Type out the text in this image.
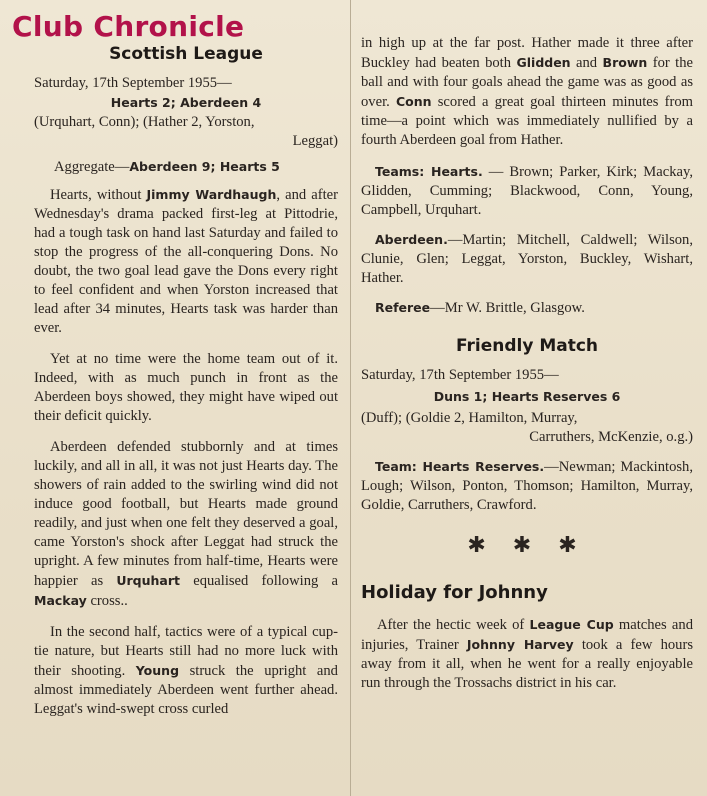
Club Chronicle
Scottish League

Saturday, 17th September 1955—

Hearts 2; Aberdeen 4

(Urquhart, Conn); (Hather 2, Yorston,

Leggat)

Aggregate—Aberdeen 9; Hearts 5

Hearts, without Jimmy Wardhaugh, and after Wednesday's drama packed first-leg at Pittodrie, had a tough task on hand last Saturday and failed to stop the progress of the all-conquering Dons. No doubt, the two goal lead gave the Dons every right to feel confident and when Yorston increased that lead after 34 minutes, Hearts task was harder than ever.

Yet at no time were the home team out of it. Indeed, with as much punch in front as the Aberdeen boys showed, they might have wiped out their deficit quickly.

Aberdeen defended stubbornly and at times luckily, and all in all, it was not just Hearts day. The showers of rain added to the swirling wind did not induce good football, but Hearts made ground readily, and just when one felt they deserved a goal, came Yorston's shock after Leggat had struck the upright. A few minutes from half-time, Hearts were happier as Urquhart equalised following a Mackay cross..

In the second half, tactics were of a typical cup-tie nature, but Hearts still had no more luck with their shooting. Young struck the upright and almost immediately Aberdeen went further ahead. Leggat's wind-swept cross curled

in high up at the far post. Hather made it three after Buckley had beaten both Glidden and Brown for the ball and with four goals ahead the game was as good as over. Conn scored a great goal thirteen minutes from time—a point which was immediately nullified by a fourth Aberdeen goal from Hather.

Teams: Hearts. — Brown; Parker, Kirk; Mackay, Glidden, Cumming; Blackwood, Conn, Young, Campbell, Urquhart.

Aberdeen.—Martin; Mitchell, Caldwell; Wilson, Clunie, Glen; Leggat, Yorston, Buckley, Wishart, Hather.

Referee—Mr W. Brittle, Glasgow.

Friendly Match

Saturday, 17th September 1955—

Duns 1; Hearts Reserves 6

(Duff); (Goldie 2, Hamilton, Murray,

Carruthers, McKenzie, o.g.)

Team: Hearts Reserves.—Newman; Mackintosh, Lough; Wilson, Ponton, Thomson; Hamilton, Murray, Goldie, Carruthers, Crawford.

✱ ✱ ✱
Holiday for Johnny

After the hectic week of League Cup matches and injuries, Trainer Johnny Harvey took a few hours away from it all, when he went for a really enjoyable run through the Trossachs district in his car.
